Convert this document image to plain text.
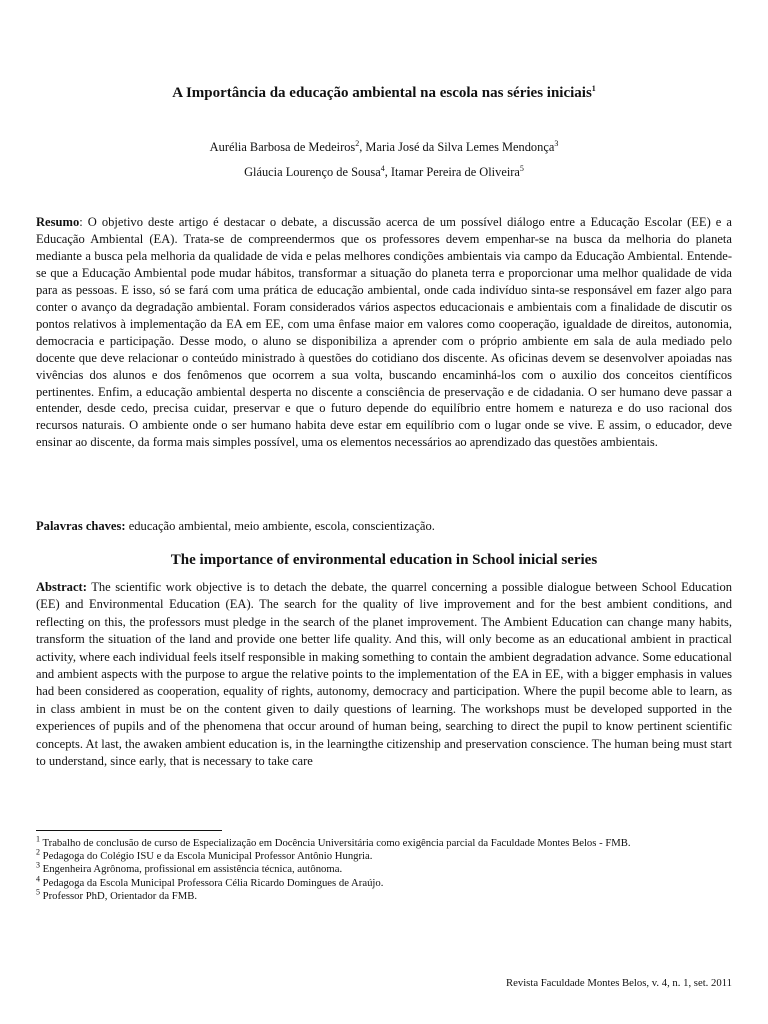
A Importância da educação ambiental na escola nas séries iniciais$^1$
Aurélia Barbosa de Medeiros$^2$, Maria José da Silva Lemes Mendonça$^3$
Gláucia Lourenço de Sousa$^4$, Itamar Pereira de Oliveira$^5$
Resumo: O objetivo deste artigo é destacar o debate, a discussão acerca de um possível diálogo entre a Educação Escolar (EE) e a Educação Ambiental (EA). Trata-se de compreendermos que os professores devem empenhar-se na busca da melhoria do planeta mediante a busca pela melhoria da qualidade de vida e pelas melhores condições ambientais via campo da Educação Ambiental. Entende-se que a Educação Ambiental pode mudar hábitos, transformar a situação do planeta terra e proporcionar uma melhor qualidade de vida para as pessoas. E isso, só se fará com uma prática de educação ambiental, onde cada indivíduo sinta-se responsável em fazer algo para conter o avanço da degradação ambiental. Foram considerados vários aspectos educacionais e ambientais com a finalidade de discutir os pontos relativos à implementação da EA em EE, com uma ênfase maior em valores como cooperação, igualdade de direitos, autonomia, democracia e participação. Desse modo, o aluno se disponibiliza a aprender com o próprio ambiente em sala de aula mediado pelo docente que deve relacionar o conteúdo ministrado à questões do cotidiano dos discente. As oficinas devem se desenvolver apoiadas nas vivências dos alunos e dos fenômenos que ocorrem a sua volta, buscando encaminhá-los com o auxilio dos conceitos científicos pertinentes. Enfim, a educação ambiental desperta no discente a consciência de preservação e de cidadania. O ser humano deve passar a entender, desde cedo, precisa cuidar, preservar e que o futuro depende do equilíbrio entre homem e natureza e do uso racional dos recursos naturais. O ambiente onde o ser humano habita deve estar em equilíbrio com o lugar onde se vive. E assim, o educador, deve ensinar ao discente, da forma mais simples possível, uma os elementos necessários ao aprendizado das questões ambientais.
Palavras chaves: educação ambiental, meio ambiente, escola, conscientização.
The importance of environmental education in School inicial series
Abstract: The scientific work objective is to detach the debate, the quarrel concerning a possible dialogue between School Education (EE) and Environmental Education (EA). The search for the quality of live improvement and for the best ambient conditions, and reflecting on this, the professors must pledge in the search of the planet improvement. The Ambient Education can change many habits, transform the situation of the land and provide one better life quality. And this, will only become as an educational ambient in practical activity, where each individual feels itself responsible in making something to contain the ambient degradation advance. Some educational and ambient aspects with the purpose to argue the relative points to the implementation of the EA in EE, with a bigger emphasis in values had been considered as cooperation, equality of rights, autonomy, democracy and participation. Where the pupil become able to learn, as in class ambient in must be on the content given to daily questions of learning. The workshops must be developed supported in the experiences of pupils and of the phenomena that occur around of human being, searching to direct the pupil to know pertinent scientific concepts. At last, the awaken ambient education is, in the learningthe citizenship and preservation conscience. The human being must start to understand, since early, that is necessary to take care
$^1$ Trabalho de conclusão de curso de Especialização em Docência Universitária como exigência parcial da Faculdade Montes Belos - FMB.
$^2$ Pedagoga do Colégio ISU e da Escola Municipal Professor Antônio Hungria.
$^3$ Engenheira Agrônoma, profissional em assistência técnica, autônoma.
$^4$ Pedagoga da Escola Municipal Professora Célia Ricardo Domingues de Araújo.
$^5$ Professor PhD, Orientador da FMB.
Revista Faculdade Montes Belos, v. 4, n. 1, set. 2011
